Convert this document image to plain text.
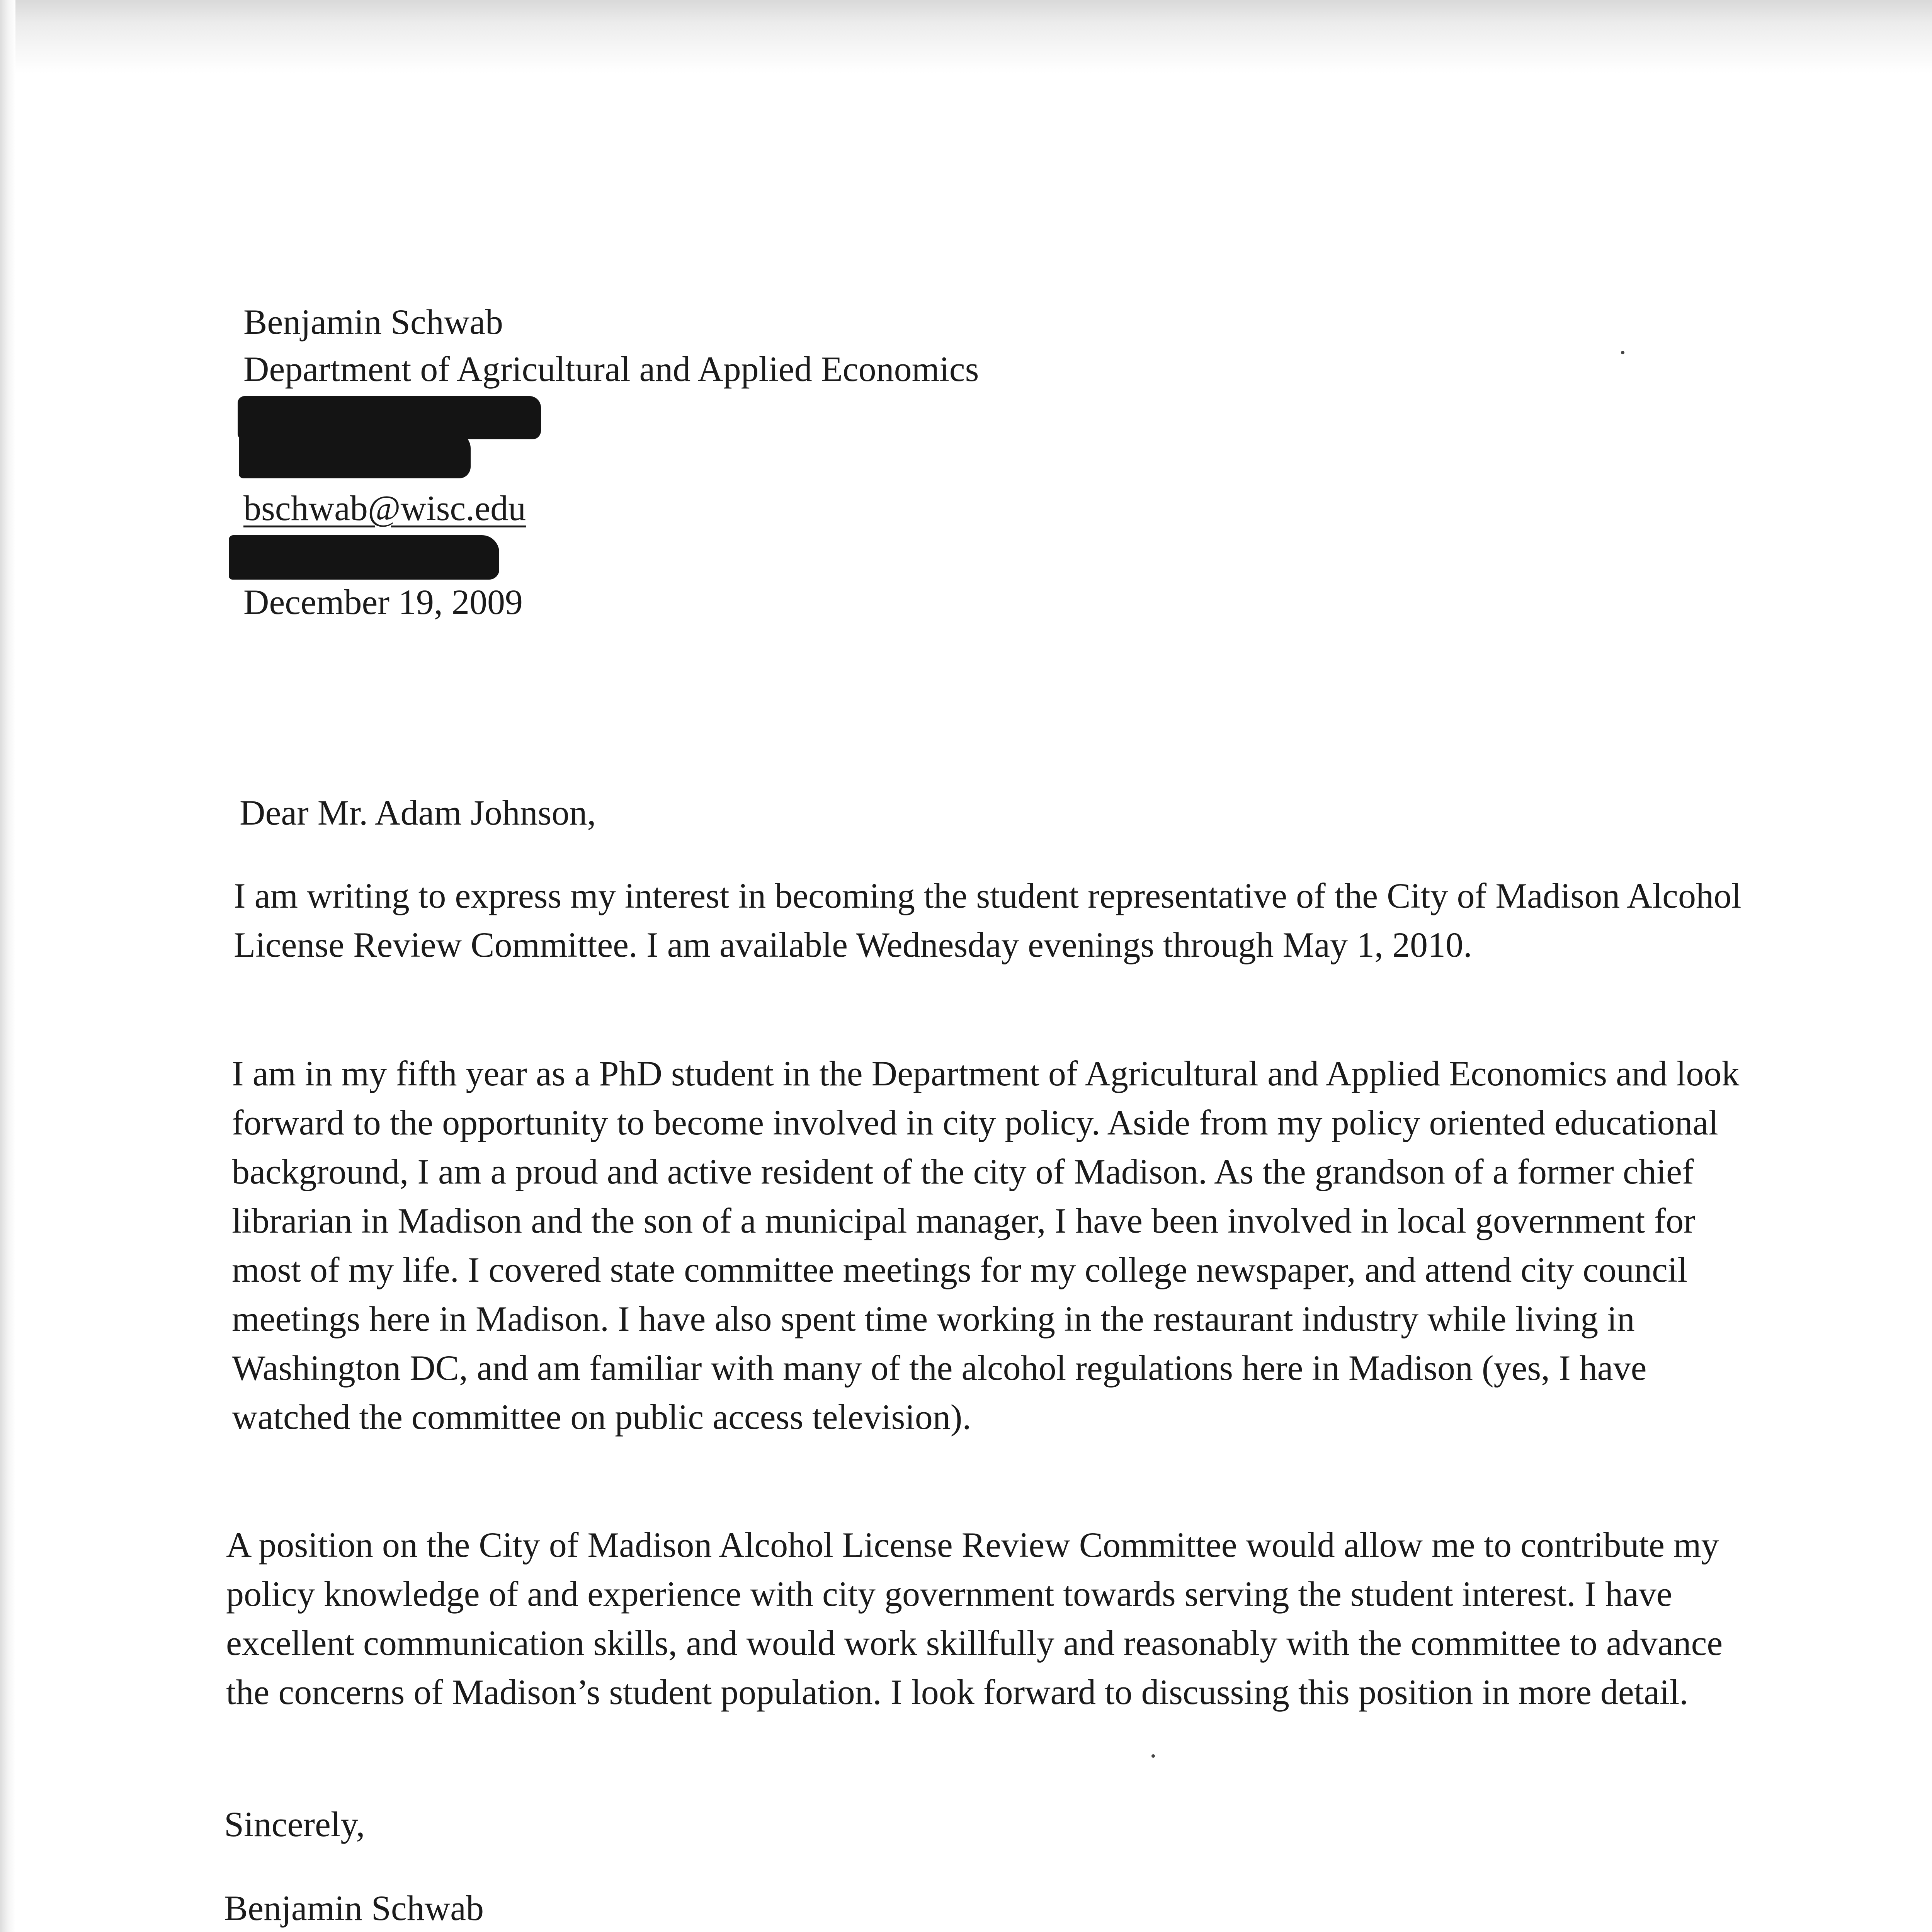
Benjamin Schwab

Department of Agricultural and Applied Economics

bschwab@wisc.edu

December 19, 2009

Dear Mr. Adam Johnson,

I am writing to express my interest in becoming the student representative of the City of Madison Alcohol License Review Committee. I am available Wednesday evenings through May 1, 2010.

I am in my fifth year as a PhD student in the Department of Agricultural and Applied Economics and look forward to the opportunity to become involved in city policy. Aside from my policy oriented educational background, I am a proud and active resident of the city of Madison. As the grandson of a former chief librarian in Madison and the son of a municipal manager, I have been involved in local government for most of my life. I covered state committee meetings for my college newspaper, and attend city council meetings here in Madison. I have also spent time working in the restaurant industry while living in Washington DC, and am familiar with many of the alcohol regulations here in Madison (yes, I have watched the committee on public access television).

A position on the City of Madison Alcohol License Review Committee would allow me to contribute my policy knowledge of and experience with city government towards serving the student interest. I have excellent communication skills, and would work skillfully and reasonably with the committee to advance the concerns of Madison’s student population. I look forward to discussing this position in more detail.

Sincerely,

Benjamin Schwab
